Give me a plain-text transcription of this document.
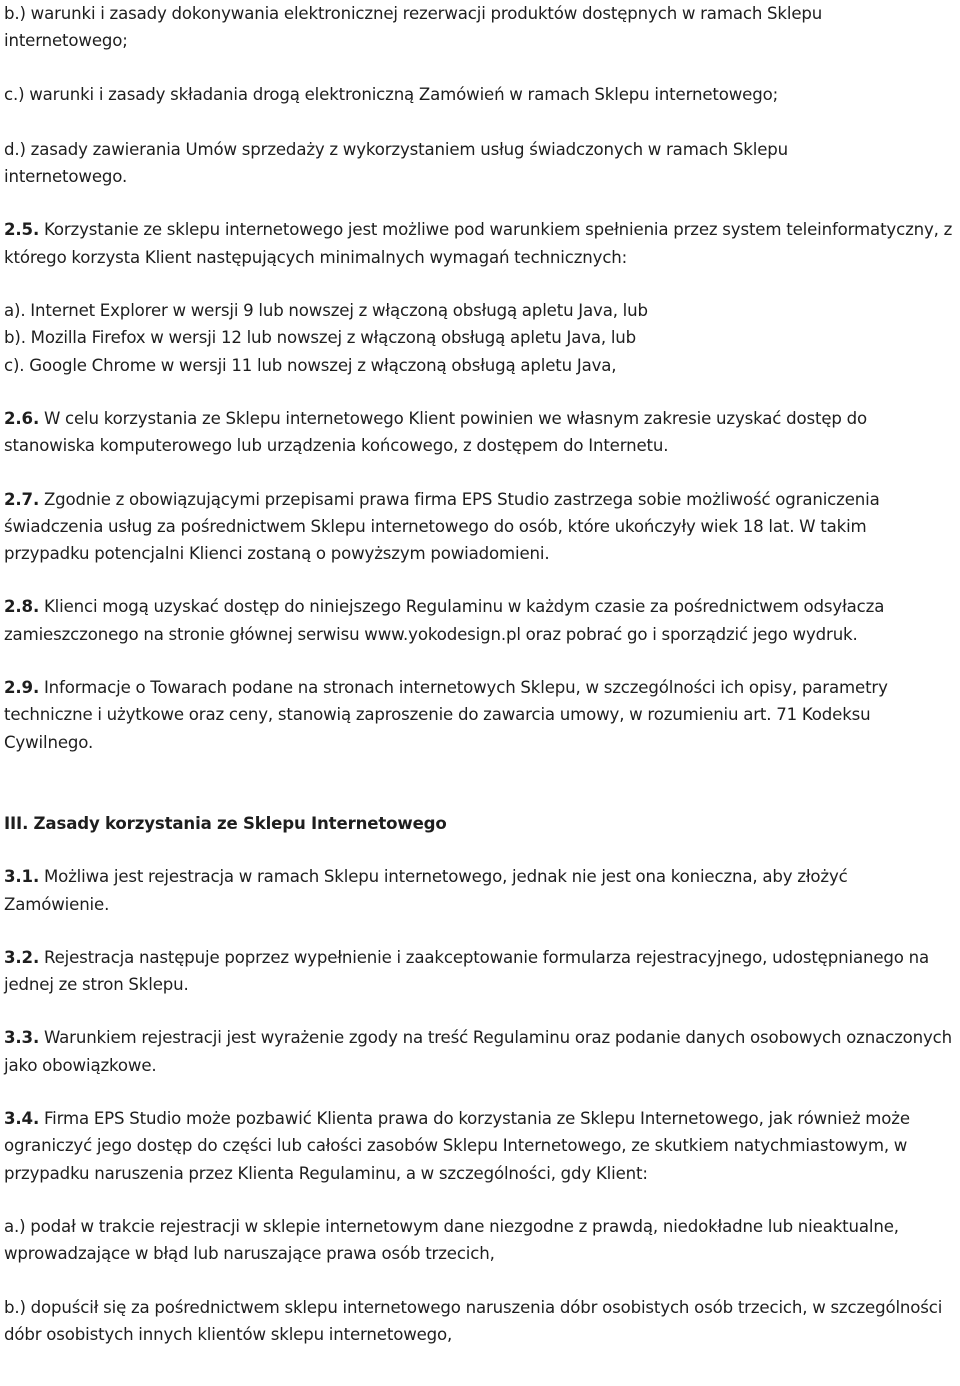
b.) warunki i zasady dokonywania elektronicznej rezerwacji produktów dostępnych w ramach Sklepu internetowego;

c.) warunki i zasady składania drogą elektroniczną Zamówień w ramach Sklepu internetowego;

d.) zasady zawierania Umów sprzedaży z wykorzystaniem usług świadczonych w ramach Sklepu internetowego.

2.5. Korzystanie ze sklepu internetowego jest możliwe pod warunkiem spełnienia przez system teleinformatyczny, z którego korzysta Klient następujących minimalnych wymagań technicznych:

a). Internet Explorer w wersji 9 lub nowszej z włączoną obsługą apletu Java, lub

b). Mozilla Firefox w wersji 12 lub nowszej z włączoną obsługą apletu Java, lub

c). Google Chrome w wersji 11 lub nowszej z włączoną obsługą apletu Java,

2.6. W celu korzystania ze Sklepu internetowego Klient powinien we własnym zakresie uzyskać dostęp do stanowiska komputerowego lub urządzenia końcowego, z dostępem do Internetu.

2.7. Zgodnie z obowiązującymi przepisami prawa firma EPS Studio zastrzega sobie możliwość ograniczenia świadczenia usług za pośrednictwem Sklepu internetowego do osób, które ukończyły wiek 18 lat. W takim przypadku potencjalni Klienci zostaną o powyższym powiadomieni.

2.8. Klienci mogą uzyskać dostęp do niniejszego Regulaminu w każdym czasie za pośrednictwem odsyłacza zamieszczonego na stronie głównej serwisu www.yokodesign.pl oraz pobrać go i sporządzić jego wydruk.

2.9. Informacje o Towarach podane na stronach internetowych Sklepu, w szczególności ich opisy, parametry techniczne i użytkowe oraz ceny, stanowią zaproszenie do zawarcia umowy, w rozumieniu art. 71 Kodeksu Cywilnego.

III. Zasady korzystania ze Sklepu Internetowego

3.1. Możliwa jest rejestracja w ramach Sklepu internetowego, jednak nie jest ona konieczna, aby złożyć Zamówienie.

3.2. Rejestracja następuje poprzez wypełnienie i zaakceptowanie formularza rejestracyjnego, udostępnianego na jednej ze stron Sklepu.

3.3. Warunkiem rejestracji jest wyrażenie zgody na treść Regulaminu oraz podanie danych osobowych oznaczonych jako obowiązkowe.

3.4. Firma EPS Studio może pozbawić Klienta prawa do korzystania ze Sklepu Internetowego, jak również może ograniczyć jego dostęp do części lub całości zasobów Sklepu Internetowego, ze skutkiem natychmiastowym, w przypadku naruszenia przez Klienta Regulaminu, a w szczególności, gdy Klient:

a.) podał w trakcie rejestracji w sklepie internetowym dane niezgodne z prawdą, niedokładne lub nieaktualne, wprowadzające w błąd lub naruszające prawa osób trzecich,

b.) dopuścił się za pośrednictwem sklepu internetowego naruszenia dóbr osobistych osób trzecich, w szczególności dóbr osobistych innych klientów sklepu internetowego,
